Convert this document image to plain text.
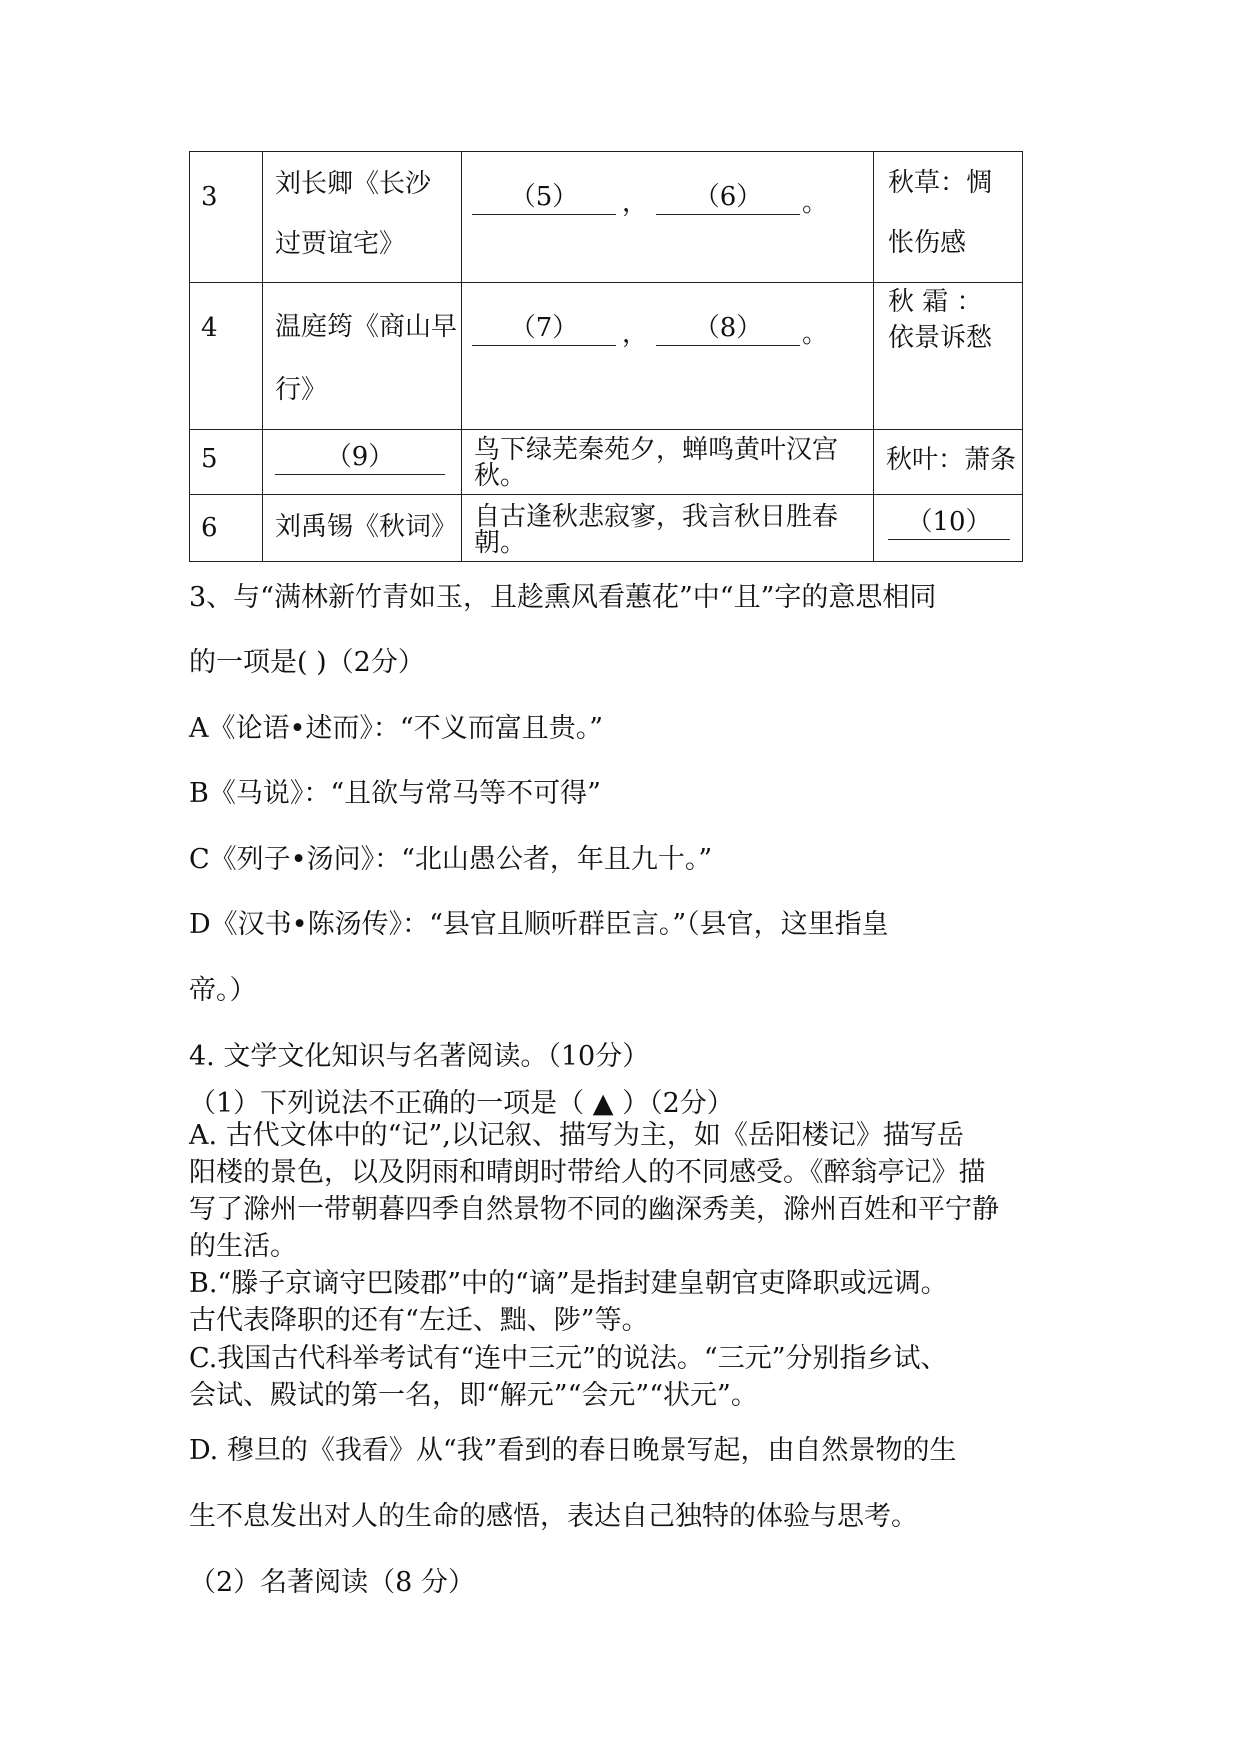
3	刘长卿《长沙
过贾谊宅》	（5） ， （6） 。	秋草：惆
怅伤感

4	温庭筠《商山早
行》	（7） ， （8） 。	秋 霜 ：
依景诉愁

5	（9）	鸟下绿芜秦苑夕，蝉鸣黄叶汉宫
秋。	秋叶：萧条

6	刘禹锡《秋词》	自古逢秋悲寂寥，我言秋日胜春
朝。	（10）
3、与“满林新竹青如玉，且趁熏风看蕙花”中“且”字的意思相同
的一项是( )（2分）
A《论语•述而》：“不义而富且贵。”
B《马说》：“且欲与常马等不可得”
C《列子•汤问》：“北山愚公者，年且九十。”
D《汉书•陈汤传》：“县官且顺听群臣言。”（县官，这里指皇
帝。）
4. 文学文化知识与名著阅读。（10分）
（1）下列说法不正确的一项是（ ▲ ）（2分）
A. 古代文体中的“记”,以记叙、描写为主，如《岳阳楼记》描写岳
阳楼的景色，以及阴雨和晴朗时带给人的不同感受。《醉翁亭记》描
写了滁州一带朝暮四季自然景物不同的幽深秀美，滁州百姓和平宁静
的生活。
B.“滕子京谪守巴陵郡”中的“谪”是指封建皇朝官吏降职或远调。
古代表降职的还有“左迁、黜、陟”等。
C.我国古代科举考试有“连中三元”的说法。“三元”分别指乡试、
会试、殿试的第一名，即“解元”“会元”“状元”。
D. 穆旦的《我看》从“我”看到的春日晚景写起，由自然景物的生
生不息发出对人的生命的感悟，表达自己独特的体验与思考。
（2）名著阅读（8 分）
